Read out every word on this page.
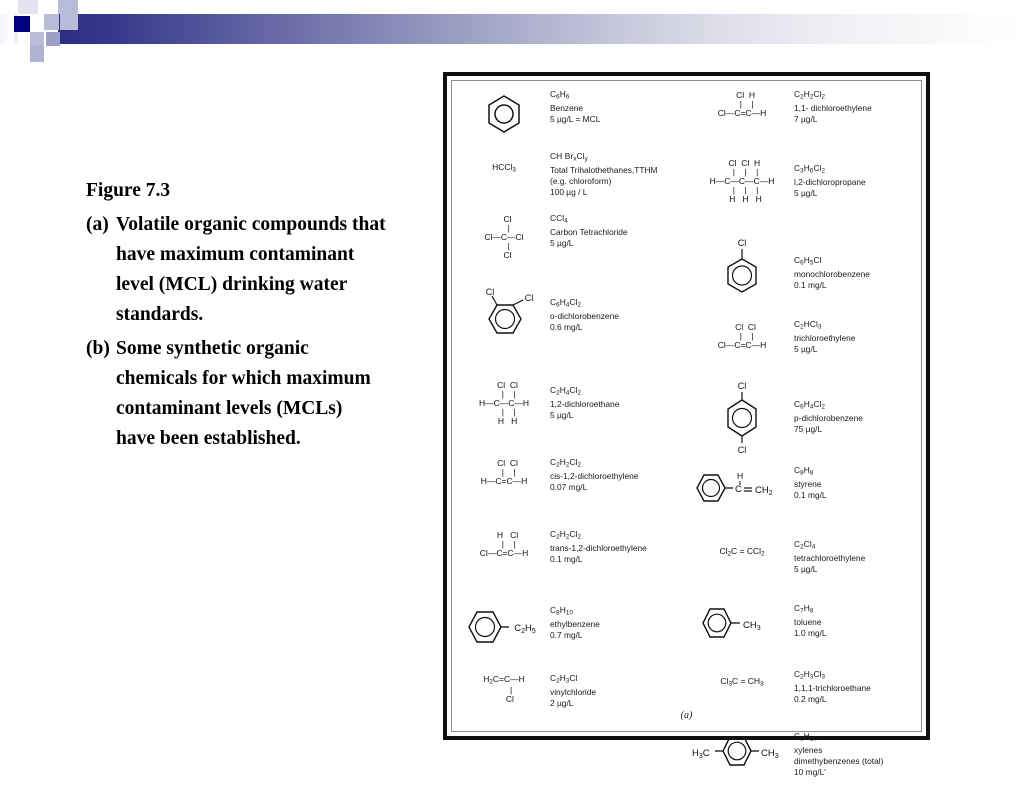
Figure 7.3
(a) Volatile organic compounds that have maximum contaminant level (MCL) drinking water standards.
(b) Some synthetic organic chemicals for which maximum contaminant levels (MCLs) have been established.
$C_6H_6$
Benzene
5 µg/L = MCL
HCCl$_3$
CH $Br_xCl_y$
Total Trihalothethanes,TTHM
(e.g. chloroform)
100 µg / L
Cl
|
Cl—C—Cl
|
Cl
CCl$_4$
Carbon Tetrachloride
5 µg/L
Cl
Cl $C_6H_4Cl_2$
o-dichlorobenzene
0.6 mg/L
Cl  Cl
|    |
H—C—C—H
|    |
H   H
$C_2H_4Cl_2$
1,2-dichloroethane
5 µg/L
Cl  Cl
|    |
H—C=C—H
$C_2H_2Cl_2$
cis-1,2-dichloroethylene
0.07 mg/L
H   Cl
|    |
Cl—C=C—H
$C_2H_2Cl_2$
trans-1,2-dichloroethylene
0.1 mg/L
$C_2H_5$
$C_8H_{10}$
ethylbenzene
0.7 mg/L
$H_2C=C—H$
|
Cl
$C_2H_3Cl$
vinylchloride
2 µg/L
Cl  H
|    |
Cl—C=C—H
$C_2H_2Cl_2$
1,1- dichloroethylene
7 µg/L
Cl  Cl  H
|    |    |
H—C—C—C—H
|    |    |
H   H   H
$C_3H_6Cl_2$
l,2-dichloropropane
5 µg/L
Cl
$C_6H_5Cl$
monochlorobenzene
0.1 mg/L
Cl  Cl
|    |
Cl—C=C—H
$C_2HCl_3$
trichloroethylene
5 µg/L
Cl
Cl
$C_6H_4Cl_2$
p-dichlorobenzene
75 µg/L
H
C $CH_2$
$C_8H_8$
styrene
0.1 mg/L
$Cl_2C = CCl_2$
$C_2Cl_4$
tetrachloroethylene
5 µg/L
$CH_3$
$C_7H_8$
toluene
1.0 mg/L
$Cl_3C = CH_3$
$C_2H_3Cl_3$
1,1,1-trichloroethane
0.2 mg/L
$H_3C$	$CH_3$
$C_8H_{10}$
xylenes
dimethybenzenes (total)
10 mg/L'
(a)
